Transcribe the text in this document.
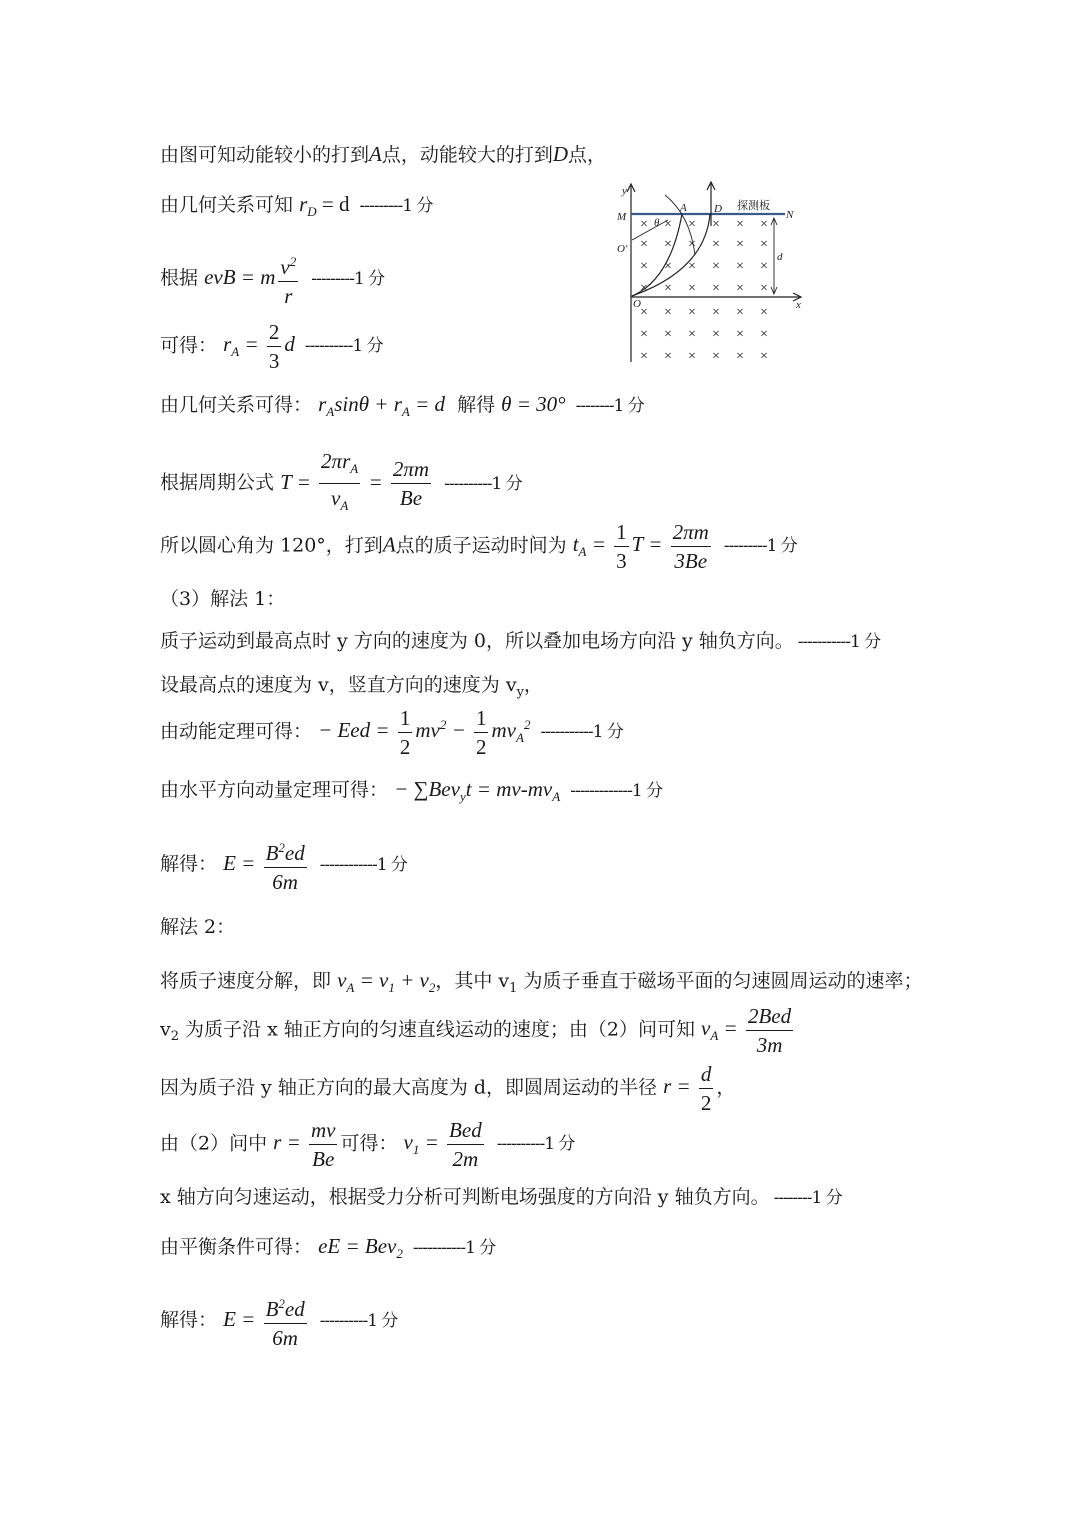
由图可知动能较小的打到A点，动能较大的打到D点，
由几何关系可知 $r_D = d$ ---------1 分
根据 evB = m $\frac{v^2}{r} ---------1$ 分
可得： $r_A = \frac{2}{3}$ d ----------1 分
由几何关系可得： $r_A\sin\theta + r_A = d$ 解得 θ = 30° --------1 分
根据周期公式 $T = \frac{2\pi r_A}{v_A} = \frac{2\pi m}{Be} ----------1$ 分
所以圆心角为 120°，打到A点的质子运动时间为 $t_A = \frac{1}{3}$ $T = \frac{2\pi m}{3Be} ---------1$ 分
（3）解法 1：
质子运动到最高点时 y 方向的速度为 0，所以叠加电场方向沿 y 轴负方向。 -----------1 分
设最高点的速度为 v，竖直方向的速度为 $v_y$，
由动能定理可得： − Eed = $\frac{1}{2} mv^2 - \frac{1}{2} mv_A^2$ -----------1 分
由水平方向动量定理可得： − $\sum Bev_yt = mv-mv_A$ -------------1 分
解得： $E = \frac{B^2ed}{6m} ------------1$ 分
解法 2：
将质子速度分解，即 $v_A = v_1 + v_2$，其中 $v_1$ 为质子垂直于磁场平面的匀速圆周运动的速率；
$v_2$ 为质子沿 x 轴正方向的匀速直线运动的速度；由（2）问可知 $v_A = \frac{\text{2Bed}}{3m}$
因为质子沿 y 轴正方向的最大高度为 d，即圆周运动的半径 $r = \frac{d}{2}$ ，
由（2）问中 $r = \frac{mv}{Be}$ 可得： $v_1 = \frac{\text{Bed}}{2m} ----------1$ 分
x 轴方向匀速运动，根据受力分析可判断电场强度的方向沿 y 轴负方向。 --------1 分
由平衡条件可得： eE = Bev$_2$ -----------1 分
解得： $E = \frac{B^2ed}{6m} ----------1$ 分
× × × × × ×
× × × × × ×
× × × × × ×
× × × × × ×
× × × × × ×
× × × × × ×
× × × × × ×
y
x
M	N
A D
θ
O'
O
d
探测板
